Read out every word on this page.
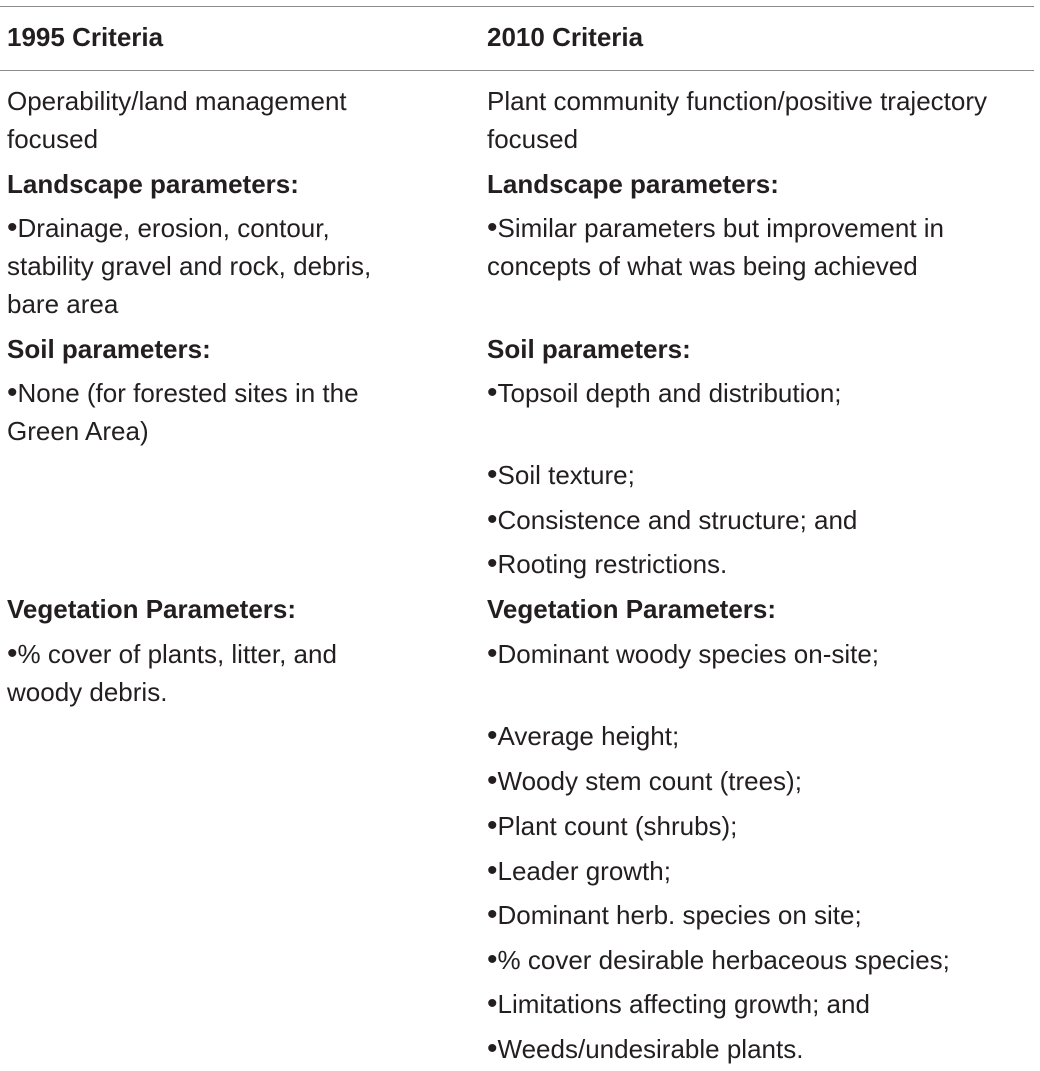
1995 Criteria	2010 Criteria
Operability/land management
focused
Landscape parameters:
• Drainage, erosion, contour,
stability gravel and rock, debris,
bare area
Soil parameters:
• None (for forested sites in the
Green Area)
Vegetation Parameters:
• % cover of plants, litter, and
woody debris.
Plant community function/positive trajectory
focused
Landscape parameters:
• Similar parameters but improvement in
concepts of what was being achieved
Soil parameters:
• Topsoil depth and distribution;
• Soil texture;
• Consistence and structure; and
• Rooting restrictions.
Vegetation Parameters:
• Dominant woody species on-site;
• Average height;
• Woody stem count (trees);
• Plant count (shrubs);
• Leader growth;
• Dominant herb. species on site;
• % cover desirable herbaceous species;
• Limitations affecting growth; and
• Weeds/undesirable plants.
